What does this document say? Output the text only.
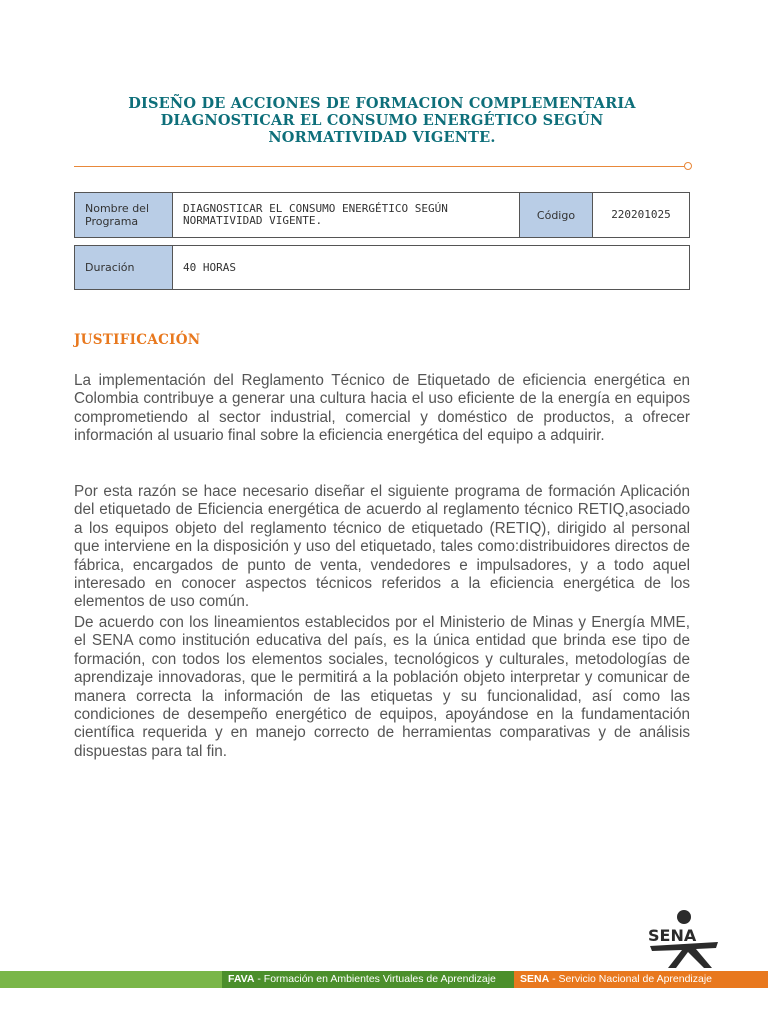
DISEÑO DE ACCIONES DE FORMACION COMPLEMENTARIA
DIAGNOSTICAR EL CONSUMO ENERGÉTICO SEGÚN
NORMATIVIDAD VIGENTE.
Nombre del Programa	DIAGNOSTICAR EL CONSUMO ENERGÉTICO SEGÚN NORMATIVIDAD VIGENTE.	Código	220201025
Duración	40 HORAS
JUSTIFICACIÓN

La implementación del Reglamento Técnico de Etiquetado de eficiencia energética en Colombia contribuye a generar una cultura hacia el uso eficiente de la energía en equipos comprometiendo al sector industrial, comercial y doméstico de productos, a ofrecer información al usuario final sobre la eficiencia energética del equipo a adquirir.

Por esta razón se hace necesario diseñar el siguiente programa de formación Aplicación del etiquetado de Eficiencia energética de acuerdo al reglamento técnico RETIQ,asociado a los equipos objeto del reglamento técnico de etiquetado (RETIQ), dirigido al personal que interviene en la disposición y uso del etiquetado, tales como:distribuidores directos de fábrica, encargados de punto de venta, vendedores e impulsadores, y a todo aquel interesado en conocer aspectos técnicos referidos a la eficiencia energética de los elementos de uso común.

De acuerdo con los lineamientos establecidos por el Ministerio de Minas y Energía MME, el SENA como institución educativa del país, es la única entidad que brinda ese tipo de formación, con todos los elementos sociales, tecnológicos y culturales, metodologías de aprendizaje innovadoras, que le permitirá a la población objeto interpretar y comunicar de manera correcta la información de las etiquetas y su funcionalidad, así como las condiciones de desempeño energético de equipos, apoyándose en la fundamentación científica requerida y en manejo correcto de herramientas comparativas y de análisis dispuestas para tal fin.

SENA
FAVA - Formación en Ambientes Virtuales de Aprendizaje SENA - Servicio Nacional de Aprendizaje
